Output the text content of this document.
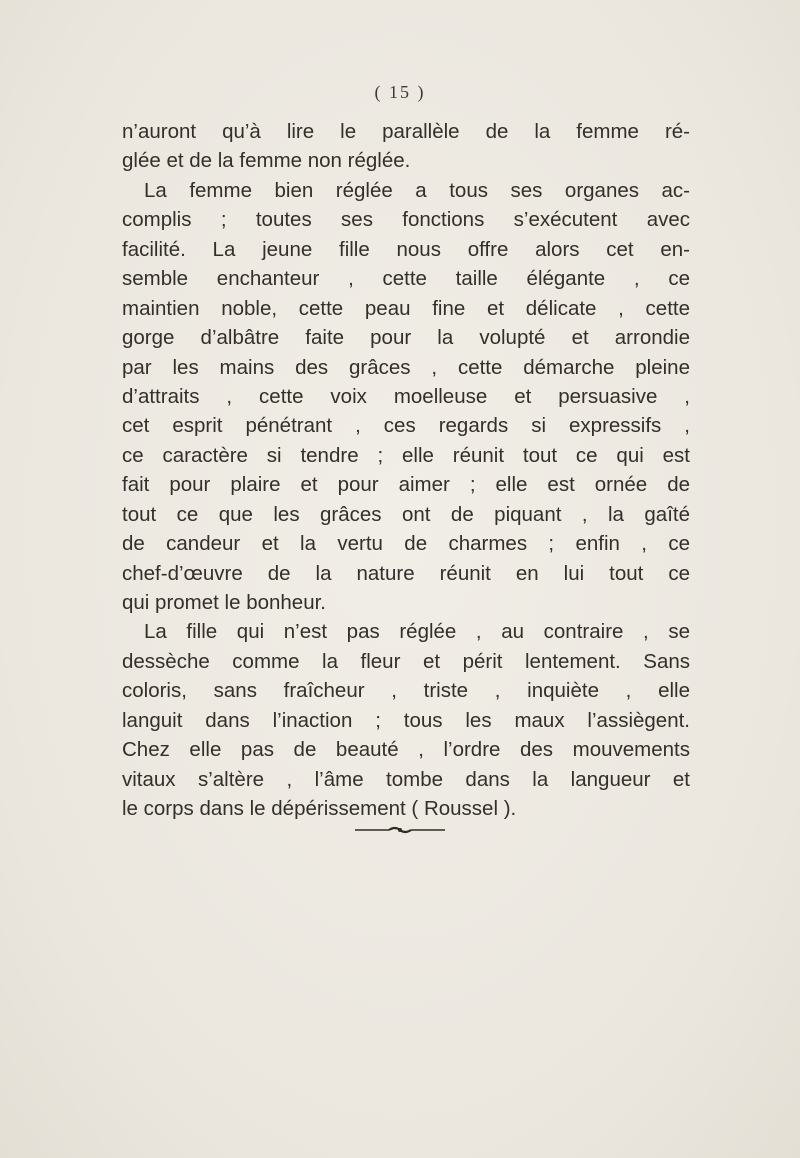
( 15 )
n’auront qu’à lire le parallèle de la femme ré-
glée et de la femme non réglée.
La femme bien réglée a tous ses organes ac-
complis ; toutes ses fonctions s’exécutent avec
facilité. La jeune fille nous offre alors cet en-
semble enchanteur , cette taille élégante , ce
maintien noble, cette peau fine et délicate , cette
gorge d’albâtre faite pour la volupté et arrondie
par les mains des grâces , cette démarche pleine
d’attraits , cette voix moelleuse et persuasive ,
cet esprit pénétrant , ces regards si expressifs ,
ce caractère si tendre ; elle réunit tout ce qui est
fait pour plaire et pour aimer ; elle est ornée de
tout ce que les grâces ont de piquant , la gaîté
de candeur et la vertu de charmes ; enfin , ce
chef-d’œuvre de la nature réunit en lui tout ce
qui promet le bonheur.
La fille qui n’est pas réglée , au contraire , se
dessèche comme la fleur et périt lentement. Sans
coloris, sans fraîcheur , triste , inquiète , elle
languit dans l’inaction ; tous les maux l’assiègent.
Chez elle pas de beauté , l’ordre des mouvements
vitaux s’altère , l’âme tombe dans la langueur et
le corps dans le dépérissement ( Roussel ).
